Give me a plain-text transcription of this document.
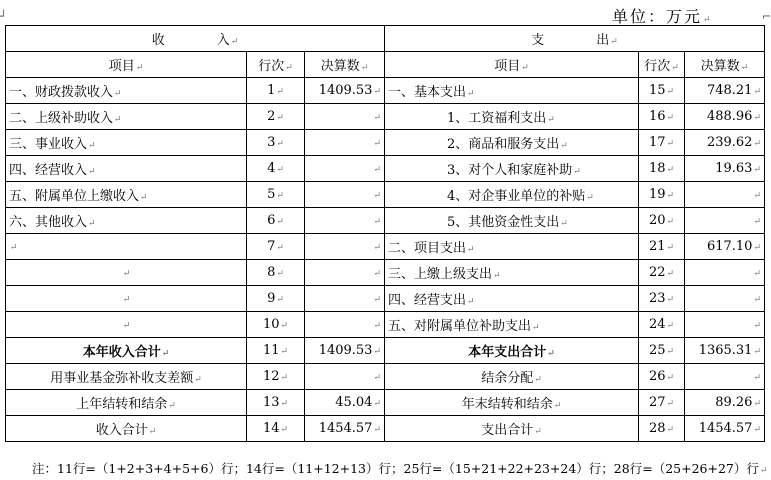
┘	⌐
单位：万元↵
收　　　　入↵			支　　　　出↵		
项目↵	行次↵	决算数↵	项目↵	行次↵	决算数↵
一、财政拨款收入↵	1↵	1409.53↵	一、基本支出↵	15↵	748.21↵
二、上级补助收入↵	2↵	↵	1、工资福利支出↵	16↵	488.96↵
三、事业收入↵	3↵	↵	2、商品和服务支出↵	17↵	239.62↵
四、经营收入↵	4↵	↵	3、对个人和家庭补助↵	18↵	19.63↵
五、附属单位上缴收入↵	5↵	↵	4、对企事业单位的补贴↵	19↵	↵
六、其他收入↵	6↵	↵	5、其他资金性支出↵	20↵	↵
↵	7↵	↵	二、项目支出↵	21↵	617.10↵
↵	8↵	↵	三、上缴上级支出↵	22↵	↵
↵	9↵	↵	四、经营支出↵	23↵	↵
↵	10↵	↵	五、对附属单位补助支出↵	24↵	↵
本年收入合计↵	11↵	1409.53↵	本年支出合计↵	25↵	1365.31↵
用事业基金弥补收支差额↵	12↵	↵	结余分配↵	26↵	↵
上年结转和结余↵	13↵	45.04↵	年末结转和结余↵	27↵	89.26↵
收入合计↵	14↵	1454.57↵	支出合计↵	28↵	1454.57↵
注：11行=（1+2+3+4+5+6）行；14行=（11+12+13）行；25行=（15+21+22+23+24）行；28行=（25+26+27）行↵
